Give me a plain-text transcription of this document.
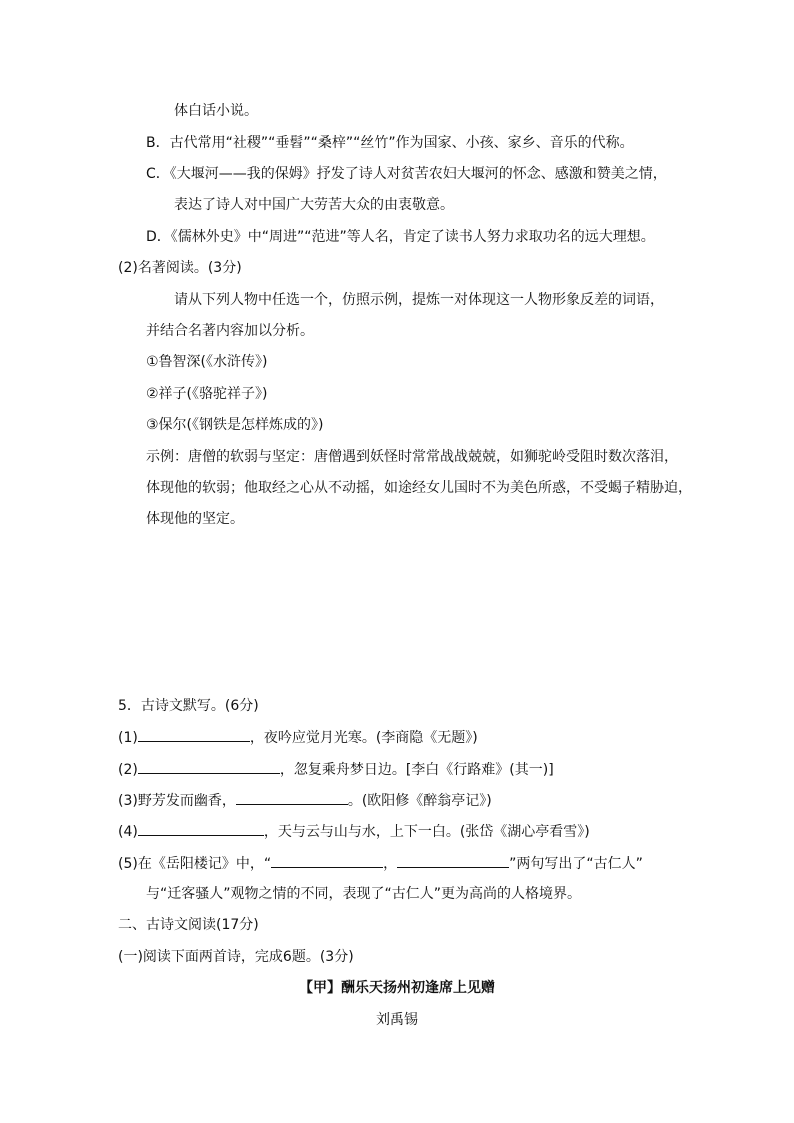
体白话小说。
B．古代常用“社稷”“垂髫”“桑梓”“丝竹”作为国家、小孩、家乡、音乐的代称。
C．《大堰河——我的保姆》抒发了诗人对贫苦农妇大堰河的怀念、感激和赞美之情，
表达了诗人对中国广大劳苦大众的由衷敬意。
D．《儒林外史》中“周进”“范进”等人名，肯定了读书人努力求取功名的远大理想。
(2)名著阅读。(3分)
请从下列人物中任选一个，仿照示例，提炼一对体现这一人物形象反差的词语，
并结合名著内容加以分析。
①鲁智深(《水浒传》)
②祥子(《骆驼祥子》)
③保尔(《钢铁是怎样炼成的》)
示例：唐僧的软弱与坚定：唐僧遇到妖怪时常常战战兢兢，如狮驼岭受阻时数次落泪，
体现他的软弱；他取经之心从不动摇，如途经女儿国时不为美色所惑，不受蝎子精胁迫，
体现他的坚定。
5．古诗文默写。(6分)
(1)	，夜吟应觉月光寒。(李商隐《无题》)
(2)	，忽复乘舟梦日边。[李白《行路难》(其一)]
(3)野芳发而幽香，	。(欧阳修《醉翁亭记》)
(4)	，天与云与山与水，上下一白。(张岱《湖心亭看雪》)
(5)在《岳阳楼记》中，“	，	”两句写出了“古仁人”
与“迁客骚人”观物之情的不同，表现了“古仁人”更为高尚的人格境界。
二、古诗文阅读(17分)
(一)阅读下面两首诗，完成6题。(3分)
【甲】酬乐天扬州初逢席上见赠
刘禹锡
